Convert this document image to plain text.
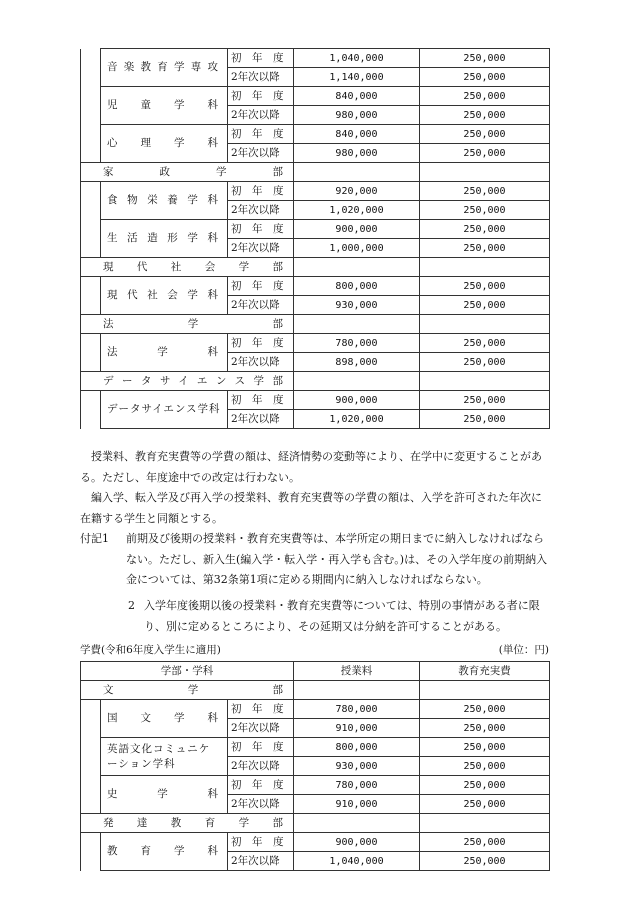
	音楽教育学専攻	初　年　度	1,040,000	250,000
		2年次以降	1,140,000	250,000
	児　童　学　科	初　年　度	840,000	250,000
		2年次以降	980,000	250,000
	心　理　学　科	初　年　度	840,000	250,000
		2年次以降	980,000	250,000
家　政　学　部				
	食物栄養学科	初　年　度	920,000	250,000
		2年次以降	1,020,000	250,000
	生活造形学科	初　年　度	900,000	250,000
		2年次以降	1,000,000	250,000
現　代　社　会　学　部				
	現代社会学科	初　年　度	800,000	250,000
		2年次以降	930,000	250,000
法　学　部				
	法　学　科	初　年　度	780,000	250,000
		2年次以降	898,000	250,000
データサイエンス学部				
	データサイエンス学科	初　年　度	900,000	250,000
		2年次以降	1,020,000	250,000

　授業料、教育充実費等の学費の額は、経済情勢の変動等により、在学中に変更することがある。ただし、年度途中での改定は行わない。

　編入学、転入学及び再入学の授業料、教育充実費等の学費の額は、入学を許可された年次に在籍する学生と同額とする。

付記1 前期及び後期の授業料・教育充実費等は、本学所定の期日までに納入しなければならない。ただし、新入生(編入学・転入学・再入学も含む。)は、その入学年度の前期納入金については、第32条第1項に定める期間内に納入しなければならない。
2 入学年度後期以後の授業料・教育充実費等については、特別の事情がある者に限り、別に定めるところにより、その延期又は分納を許可することがある。
学費(令和6年度入学生に適用)	(単位：円)
学部・学科			授業料	教育充実費
文　学　部				
	国　文　学　科	初　年　度	780,000	250,000
		2年次以降	910,000	250,000
	英語文化コミュニケーション学科	初　年　度	800,000	250,000
		2年次以降	930,000	250,000
	史　学　科	初　年　度	780,000	250,000
		2年次以降	910,000	250,000
発　達　教　育　学　部				
	教　育　学　科	初　年　度	900,000	250,000
		2年次以降	1,040,000	250,000
